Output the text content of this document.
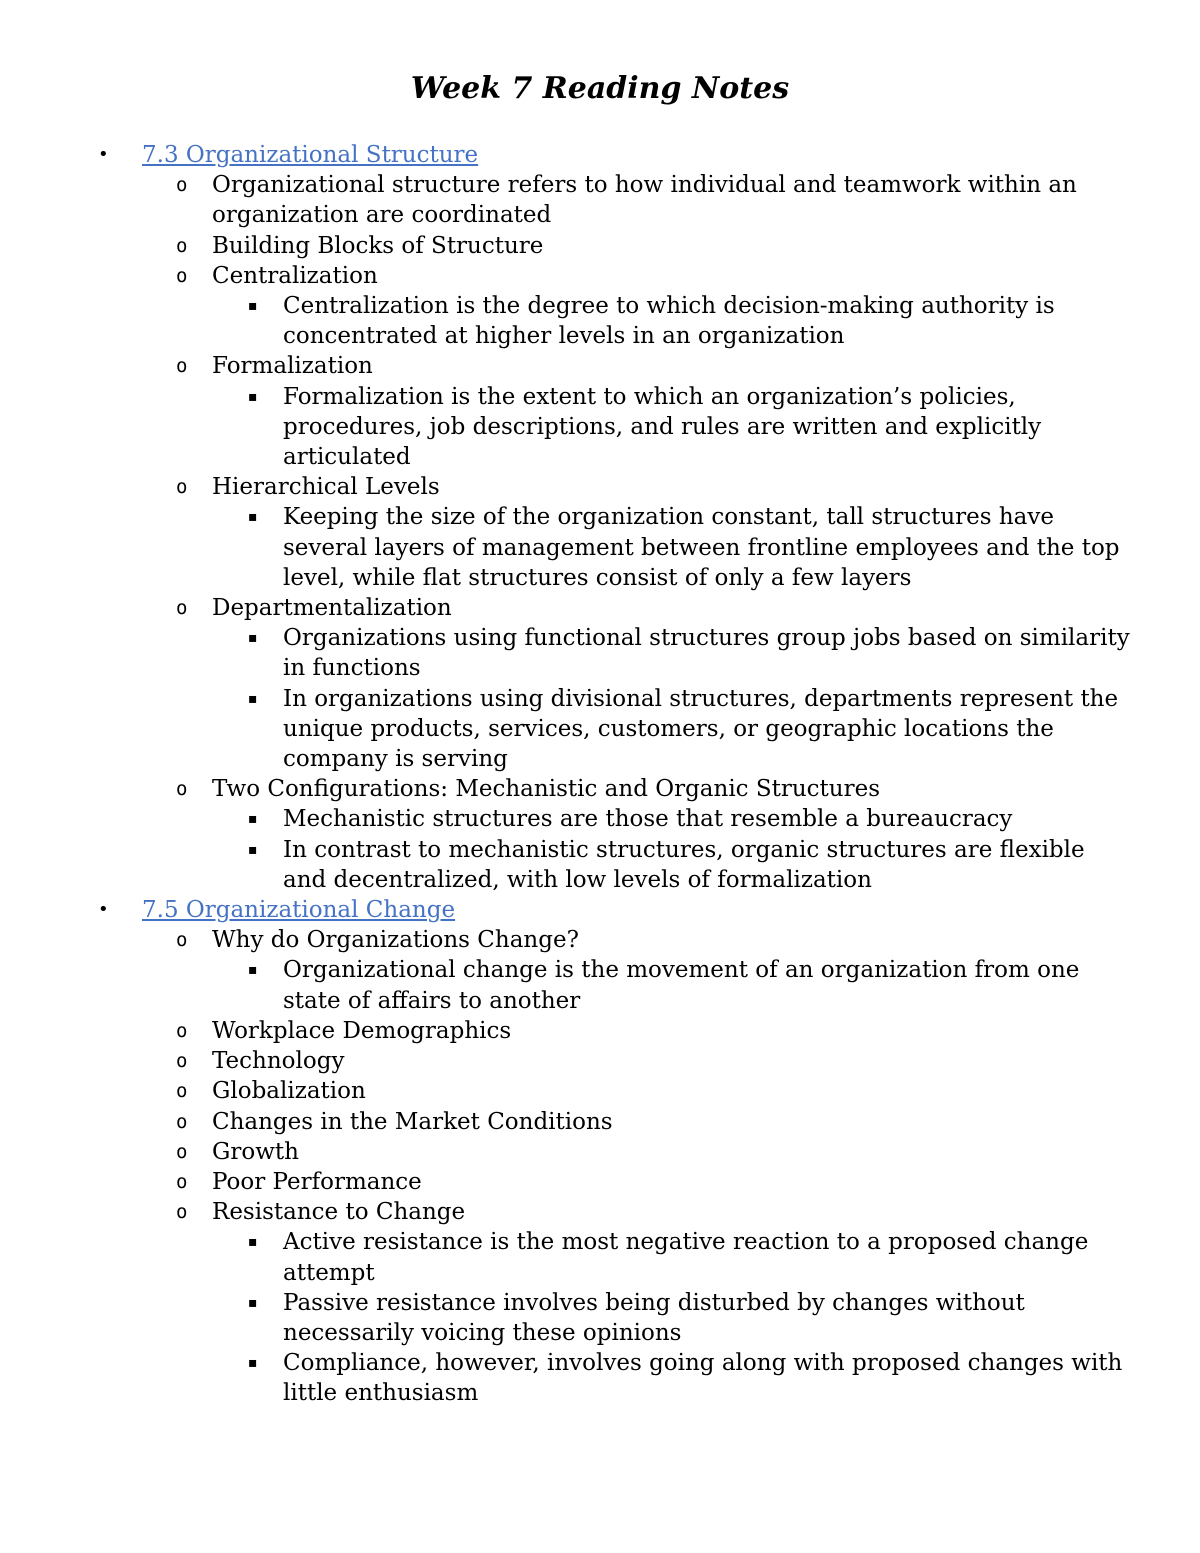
Week 7 Reading Notes
• 7.3 Organizational Structure
o Organizational structure refers to how individual and teamwork within an organization are coordinated
o Building Blocks of Structure
o Centralization
▪ Centralization is the degree to which decision-making authority is concentrated at higher levels in an organization
o Formalization
▪ Formalization is the extent to which an organization’s policies, procedures, job descriptions, and rules are written and explicitly articulated
o Hierarchical Levels
▪ Keeping the size of the organization constant, tall structures have several layers of management between frontline employees and the top level, while flat structures consist of only a few layers
o Departmentalization
▪ Organizations using functional structures group jobs based on similarity in functions
▪ In organizations using divisional structures, departments represent the unique products, services, customers, or geographic locations the company is serving
o Two Configurations: Mechanistic and Organic Structures
▪ Mechanistic structures are those that resemble a bureaucracy
▪ In contrast to mechanistic structures, organic structures are flexible and decentralized, with low levels of formalization
• 7.5 Organizational Change
o Why do Organizations Change?
▪ Organizational change is the movement of an organization from one state of affairs to another
o Workplace Demographics
o Technology
o Globalization
o Changes in the Market Conditions
o Growth
o Poor Performance
o Resistance to Change
▪ Active resistance is the most negative reaction to a proposed change attempt
▪ Passive resistance involves being disturbed by changes without necessarily voicing these opinions
▪ Compliance, however, involves going along with proposed changes with little enthusiasm
